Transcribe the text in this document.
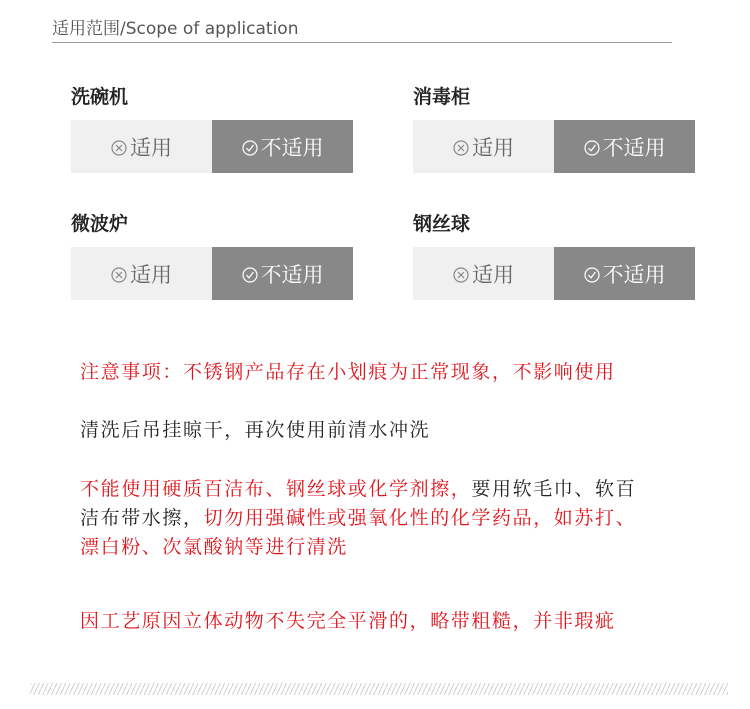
适用范围/Scope of application
洗碗机
适用	不适用
消毒柜
适用	不适用
微波炉
适用	不适用
钢丝球
适用	不适用
注意事项：不锈钢产品存在小划痕为正常现象，不影响使用
清洗后吊挂晾干，再次使用前清水冲洗
不能使用硬质百洁布、钢丝球或化学剂擦，要用软毛巾、软百
洁布带水擦，切勿用强碱性或强氧化性的化学药品，如苏打、
漂白粉、次氯酸钠等进行清洗
因工艺原因立体动物不失完全平滑的，略带粗糙，并非瑕疵
